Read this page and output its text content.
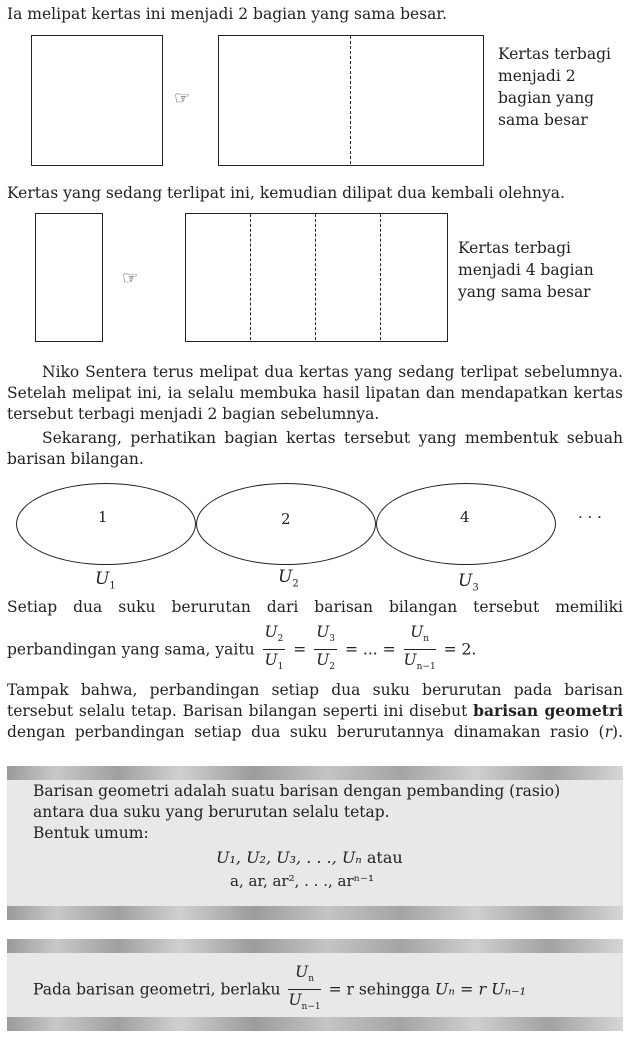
Ia melipat kertas ini menjadi 2 bagian yang sama besar.
☞
Kertas terbagi
menjadi 2
bagian yang
sama besar
Kertas yang sedang terlipat ini, kemudian dilipat dua kembali olehnya.
☞
Kertas terbagi
menjadi 4 bagian
yang sama besar
Niko Sentera terus melipat dua kertas yang sedang terlipat sebelumnya.
Setelah melipat ini, ia selalu membuka hasil lipatan dan mendapatkan kertas
tersebut terbagi menjadi 2 bagian sebelumnya.
Sekarang, perhatikan bagian kertas tersebut yang membentuk sebuah
barisan bilangan.
1	2	4	· · ·
$U_1$	$U_2$	$U_3$
Setiap dua suku berurutan dari barisan bilangan tersebut memiliki
perbandingan yang sama, yaitu $\frac{U_2}{U_1} = \frac{U_3}{U_2}$ = ... = $\frac{U_n}{U_{n-1}} = 2$.
Tampak bahwa, perbandingan setiap dua suku berurutan pada barisan
tersebut selalu tetap. Barisan bilangan seperti ini disebut barisan geometri
dengan perbandingan setiap dua suku berurutannya dinamakan rasio (r).
Barisan geometri adalah suatu barisan dengan pembanding (rasio)
antara dua suku yang berurutan selalu tetap.
Bentuk umum:
U₁, U₂, U₃, . . ., Uₙ atau
a, ar, ar², . . ., arⁿ⁻¹
Pada barisan geometri, berlaku $\frac{U_n}{U_{n-1}} = r$ sehingga Uₙ = r Uₙ₋₁
